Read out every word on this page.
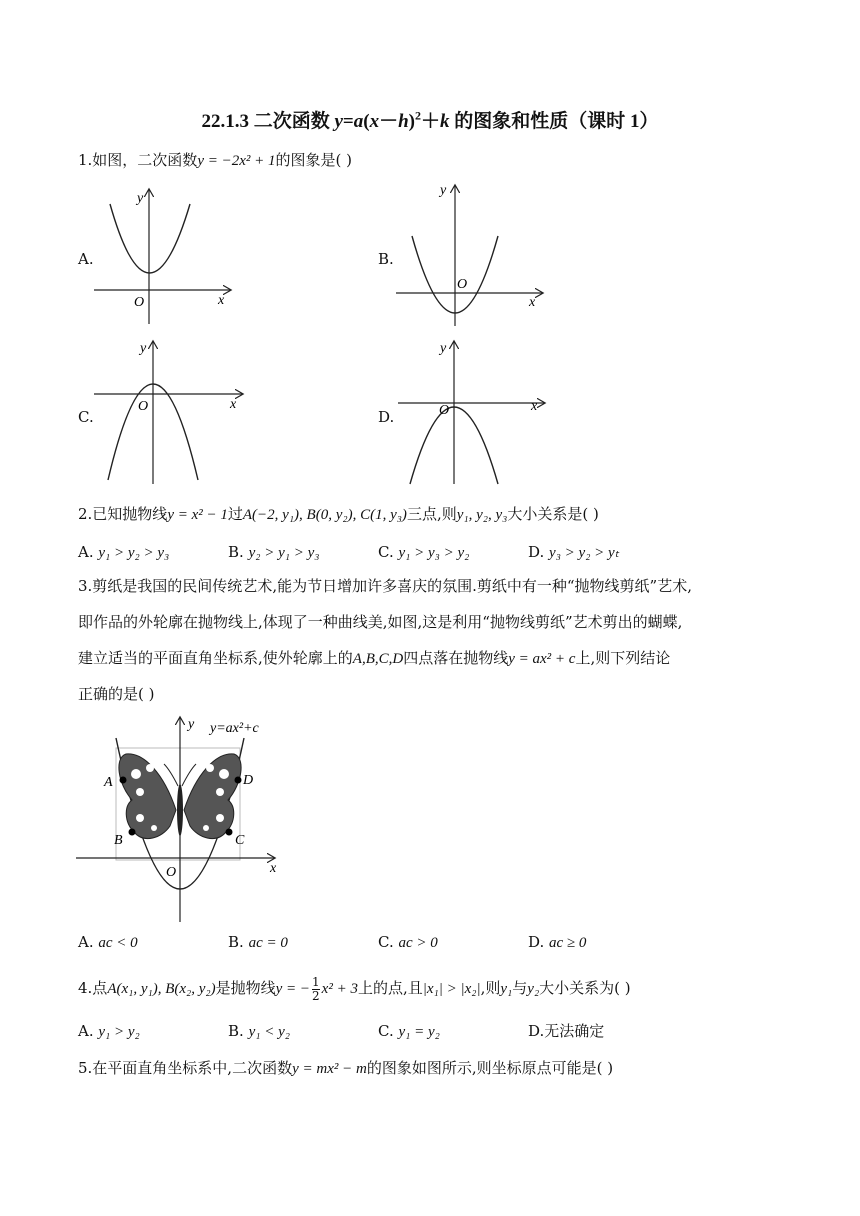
22.1.3 二次函数 $y=a(x-h)^2+k$ 的图象和性质（课时 1）
1.如图，二次函数y = −2x² + 1的图象是( )
A.
y
x
O
B.
y
x
O
C.
y
x
O
D.
y
x
O
2.已知抛物线y = x² − 1过A(−2, y₁), B(0, y₂), C(1, y₃)三点,则y₁, y₂, y₃大小关系是( )
A. y₁ > y₂ > y₃	B. y₂ > y₁ > y₃	C. y₁ > y₃ > y₂	D. y₃ > y₂ > yₜ
3.剪纸是我国的民间传统艺术,能为节日增加许多喜庆的氛围.剪纸中有一种“抛物线剪纸”艺术,
即作品的外轮廓在抛物线上,体现了一种曲线美,如图,这是利用“抛物线剪纸”艺术剪出的蝴蝶,
建立适当的平面直角坐标系,使外轮廓上的A,B,C,D四点落在抛物线y = ax² + c上,则下列结论
正确的是( )
A	D
B	C
O	x
y y=ax²+c
A. ac < 0	B. ac = 0	C. ac > 0	D. ac ≥ 0
4.点A(x₁, y₁), B(x₂, y₂)是抛物线y = − $\frac{1}{2} x^2 + 3$上的点,且|x₁| > |x₂|,则y₁与y₂大小关系为( )
A. y₁ > y₂	B. y₁ < y₂	C. y₁ = y₂	D.无法确定
5.在平面直角坐标系中,二次函数y = mx² − m的图象如图所示,则坐标原点可能是( )
